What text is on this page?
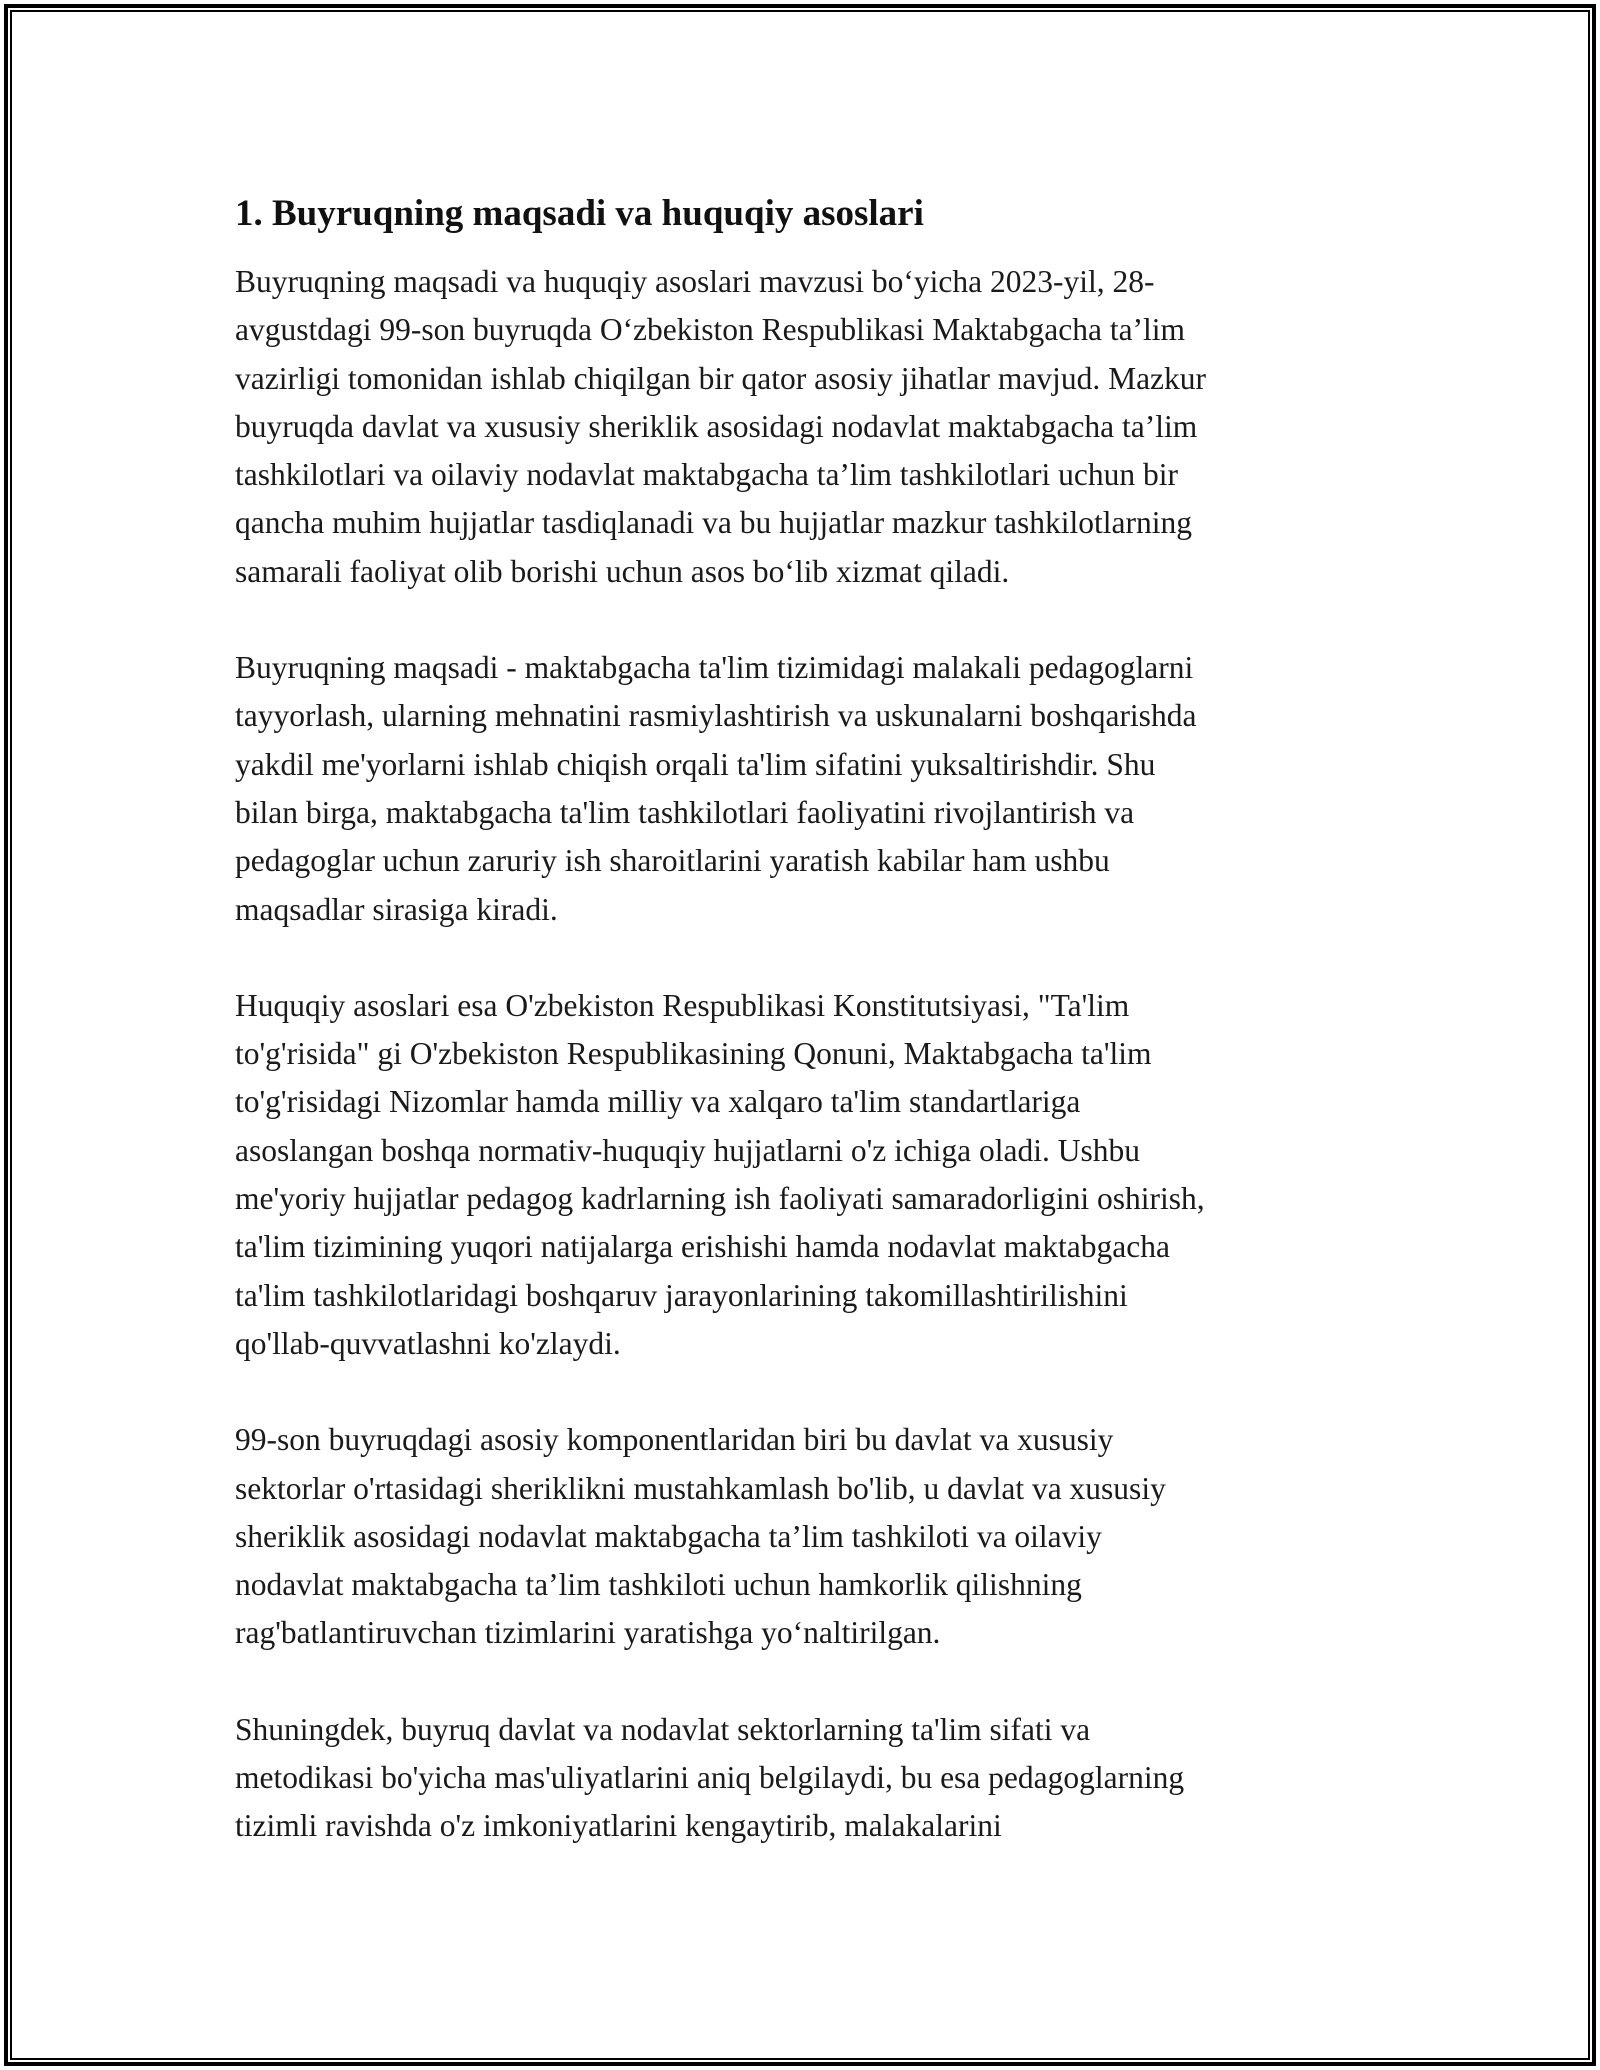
1. Buyruqning maqsadi va huquqiy asoslari
Buyruqning maqsadi va huquqiy asoslari mavzusi bo‘yicha 2023-yil, 28-
avgustdagi 99-son buyruqda O‘zbekiston Respublikasi Maktabgacha ta’lim
vazirligi tomonidan ishlab chiqilgan bir qator asosiy jihatlar mavjud. Mazkur
buyruqda davlat va xususiy sheriklik asosidagi nodavlat maktabgacha ta’lim
tashkilotlari va oilaviy nodavlat maktabgacha ta’lim tashkilotlari uchun bir
qancha muhim hujjatlar tasdiqlanadi va bu hujjatlar mazkur tashkilotlarning
samarali faoliyat olib borishi uchun asos bo‘lib xizmat qiladi.
Buyruqning maqsadi - maktabgacha ta'lim tizimidagi malakali pedagoglarni
tayyorlash, ularning mehnatini rasmiylashtirish va uskunalarni boshqarishda
yakdil me'yorlarni ishlab chiqish orqali ta'lim sifatini yuksaltirishdir. Shu
bilan birga, maktabgacha ta'lim tashkilotlari faoliyatini rivojlantirish va
pedagoglar uchun zaruriy ish sharoitlarini yaratish kabilar ham ushbu
maqsadlar sirasiga kiradi.
Huquqiy asoslari esa O'zbekiston Respublikasi Konstitutsiyasi, "Ta'lim
to'g'risida" gi O'zbekiston Respublikasining Qonuni, Maktabgacha ta'lim
to'g'risidagi Nizomlar hamda milliy va xalqaro ta'lim standartlariga
asoslangan boshqa normativ-huquqiy hujjatlarni o'z ichiga oladi. Ushbu
me'yoriy hujjatlar pedagog kadrlarning ish faoliyati samaradorligini oshirish,
ta'lim tizimining yuqori natijalarga erishishi hamda nodavlat maktabgacha
ta'lim tashkilotlaridagi boshqaruv jarayonlarining takomillashtirilishini
qo'llab-quvvatlashni ko'zlaydi.
99-son buyruqdagi asosiy komponentlaridan biri bu davlat va xususiy
sektorlar o'rtasidagi sheriklikni mustahkamlash bo'lib, u davlat va xususiy
sheriklik asosidagi nodavlat maktabgacha ta’lim tashkiloti va oilaviy
nodavlat maktabgacha ta’lim tashkiloti uchun hamkorlik qilishning
rag'batlantiruvchan tizimlarini yaratishga yo‘naltirilgan.
Shuningdek, buyruq davlat va nodavlat sektorlarning ta'lim sifati va
metodikasi bo'yicha mas'uliyatlarini aniq belgilaydi, bu esa pedagoglarning
tizimli ravishda o'z imkoniyatlarini kengaytirib, malakalarini
